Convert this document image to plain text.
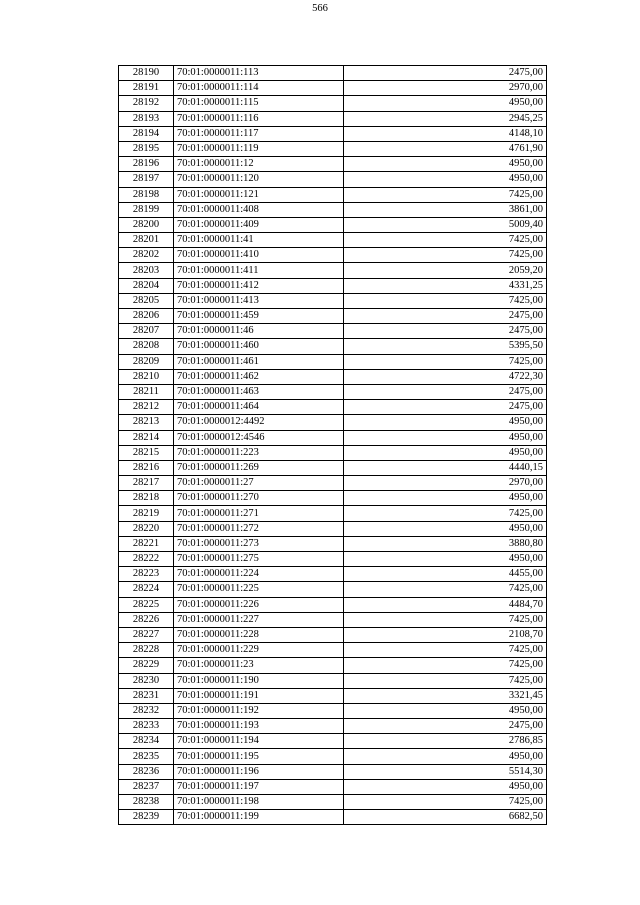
566
28190	70:01:0000011:113	2475,00
28191	70:01:0000011:114	2970,00
28192	70:01:0000011:115	4950,00
28193	70:01:0000011:116	2945,25
28194	70:01:0000011:117	4148,10
28195	70:01:0000011:119	4761,90
28196	70:01:0000011:12	4950,00
28197	70:01:0000011:120	4950,00
28198	70:01:0000011:121	7425,00
28199	70:01:0000011:408	3861,00
28200	70:01:0000011:409	5009,40
28201	70:01:0000011:41	7425,00
28202	70:01:0000011:410	7425,00
28203	70:01:0000011:411	2059,20
28204	70:01:0000011:412	4331,25
28205	70:01:0000011:413	7425,00
28206	70:01:0000011:459	2475,00
28207	70:01:0000011:46	2475,00
28208	70:01:0000011:460	5395,50
28209	70:01:0000011:461	7425,00
28210	70:01:0000011:462	4722,30
28211	70:01:0000011:463	2475,00
28212	70:01:0000011:464	2475,00
28213	70:01:0000012:4492	4950,00
28214	70:01:0000012:4546	4950,00
28215	70:01:0000011:223	4950,00
28216	70:01:0000011:269	4440,15
28217	70:01:0000011:27	2970,00
28218	70:01:0000011:270	4950,00
28219	70:01:0000011:271	7425,00
28220	70:01:0000011:272	4950,00
28221	70:01:0000011:273	3880,80
28222	70:01:0000011:275	4950,00
28223	70:01:0000011:224	4455,00
28224	70:01:0000011:225	7425,00
28225	70:01:0000011:226	4484,70
28226	70:01:0000011:227	7425,00
28227	70:01:0000011:228	2108,70
28228	70:01:0000011:229	7425,00
28229	70:01:0000011:23	7425,00
28230	70:01:0000011:190	7425,00
28231	70:01:0000011:191	3321,45
28232	70:01:0000011:192	4950,00
28233	70:01:0000011:193	2475,00
28234	70:01:0000011:194	2786,85
28235	70:01:0000011:195	4950,00
28236	70:01:0000011:196	5514,30
28237	70:01:0000011:197	4950,00
28238	70:01:0000011:198	7425,00
28239	70:01:0000011:199	6682,50
